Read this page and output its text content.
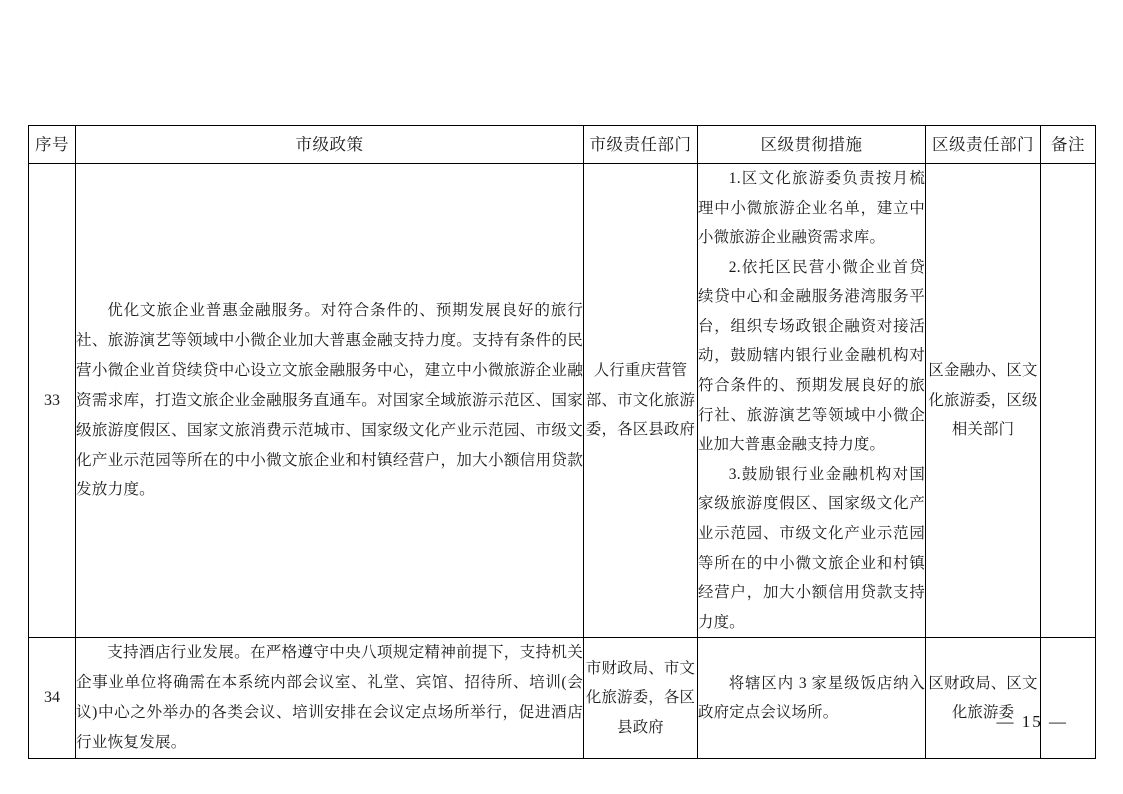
序号	市级政策	市级责任部门	区级贯彻措施	区级责任部门	备注
33	优化文旅企业普惠金融服务。对符合条件的、预期发展良好的旅行社、旅游演艺等领域中小微企业加大普惠金融支持力度。支持有条件的民营小微企业首贷续贷中心设立文旅金融服务中心，建立中小微旅游企业融资需求库，打造文旅企业金融服务直通车。对国家全域旅游示范区、国家级旅游度假区、国家文旅消费示范城市、国家级文化产业示范园、市级文化产业示范园等所在的中小微文旅企业和村镇经营户，加大小额信用贷款发放力度。	人行重庆营管部、市文化旅游委，各区县政府	1.区文化旅游委负责按月梳理中小微旅游企业名单，建立中小微旅游企业融资需求库。

2.依托区民营小微企业首贷续贷中心和金融服务港湾服务平台，组织专场政银企融资对接活动，鼓励辖内银行业金融机构对符合条件的、预期发展良好的旅行社、旅游演艺等领域中小微企业加大普惠金融支持力度。

3.鼓励银行业金融机构对国家级旅游度假区、国家级文化产业示范园、市级文化产业示范园等所在的中小微文旅企业和村镇经营户，加大小额信用贷款支持力度。	区金融办、区文化旅游委，区级相关部门	
34	支持酒店行业发展。在严格遵守中央八项规定精神前提下，支持机关企事业单位将确需在本系统内部会议室、礼堂、宾馆、招待所、培训(会议)中心之外举办的各类会议、培训安排在会议定点场所举行，促进酒店行业恢复发展。	市财政局、市文化旅游委，各区县政府	将辖区内 3 家星级饭店纳入政府定点会议场所。	区财政局、区文化旅游委	
— 15 —
